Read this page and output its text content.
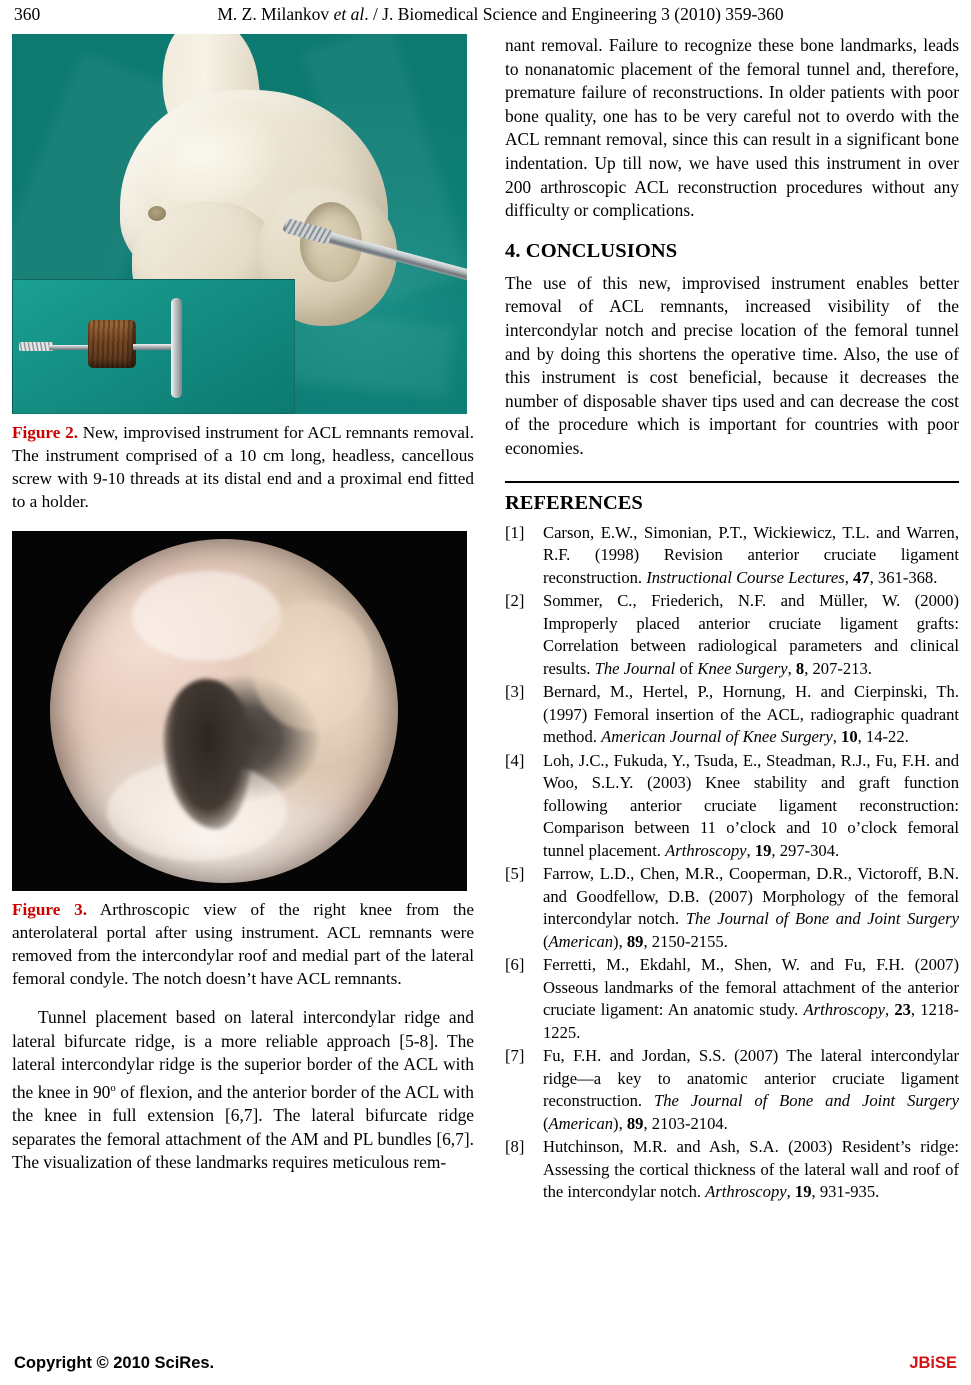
360	M. Z. Milankov et al. / J. Biomedical Science and Engineering 3 (2010) 359-360
Figure 2. New, improvised instrument for ACL remnants removal. The instrument comprised of a 10 cm long, headless, cancellous screw with 9-10 threads at its distal end and a proximal end fitted to a holder.
Figure 3. Arthroscopic view of the right knee from the anterolateral portal after using instrument. ACL remnants were removed from the intercondylar roof and medial part of the lateral femoral condyle. The notch doesn’t have ACL remnants.

Tunnel placement based on lateral intercondylar ridge and lateral bifurcate ridge, is a more reliable approach [5-8]. The lateral intercondylar ridge is the superior border of the ACL with the knee in 90$^o$ of flexion, and the anterior border of the ACL with the knee in full extension [6,7]. The lateral bifurcate ridge separates the femoral attachment of the AM and PL bundles [6,7]. The visualization of these landmarks requires meticulous rem-

nant removal. Failure to recognize these bone landmarks, leads to nonanatomic placement of the femoral tunnel and, therefore, premature failure of reconstructions. In older patients with poor bone quality, one has to be very careful not to overdo with the ACL remnant removal, since this can result in a significant bone indentation. Up till now, we have used this instrument in over 200 arthroscopic ACL reconstruction procedures without any difficulty or complications.

4. CONCLUSIONS

The use of this new, improvised instrument enables better removal of ACL remnants, increased visibility of the intercondylar notch and precise location of the femoral tunnel and by doing this shortens the operative time. Also, the use of this instrument is cost beneficial, because it decreases the number of disposable shaver tips used and can decrease the cost of the procedure which is important for countries with poor economies.

REFERENCES
[1]	Carson, E.W., Simonian, P.T., Wickiewicz, T.L. and Warren, R.F. (1998) Revision anterior cruciate ligament reconstruction. Instructional Course Lectures, 47, 361-368.
[2]	Sommer, C., Friederich, N.F. and Müller, W. (2000) Improperly placed anterior cruciate ligament grafts: Correlation between radiological parameters and clinical results. The Journal of Knee Surgery, 8, 207-213.
[3]	Bernard, M., Hertel, P., Hornung, H. and Cierpinski, Th. (1997) Femoral insertion of the ACL, radiographic quadrant method. American Journal of Knee Surgery, 10, 14-22.
[4]	Loh, J.C., Fukuda, Y., Tsuda, E., Steadman, R.J., Fu, F.H. and Woo, S.L.Y. (2003) Knee stability and graft function following anterior cruciate ligament reconstruction: Comparison between 11 o’clock and 10 o’clock femoral tunnel placement. Arthroscopy, 19, 297-304.
[5]	Farrow, L.D., Chen, M.R., Cooperman, D.R., Victoroff, B.N. and Goodfellow, D.B. (2007) Morphology of the femoral intercondylar notch. The Journal of Bone and Joint Surgery (American), 89, 2150-2155.
[6]	Ferretti, M., Ekdahl, M., Shen, W. and Fu, F.H. (2007) Osseous landmarks of the femoral attachment of the anterior cruciate ligament: An anatomic study. Arthroscopy, 23, 1218-1225.
[7]	Fu, F.H. and Jordan, S.S. (2007) The lateral intercondylar ridge—a key to anatomic anterior cruciate ligament reconstruction. The Journal of Bone and Joint Surgery (American), 89, 2103-2104.
[8]	Hutchinson, M.R. and Ash, S.A. (2003) Resident’s ridge: Assessing the cortical thickness of the lateral wall and roof of the intercondylar notch. Arthroscopy, 19, 931-935.
Copyright © 2010 SciRes.	JBiSE
